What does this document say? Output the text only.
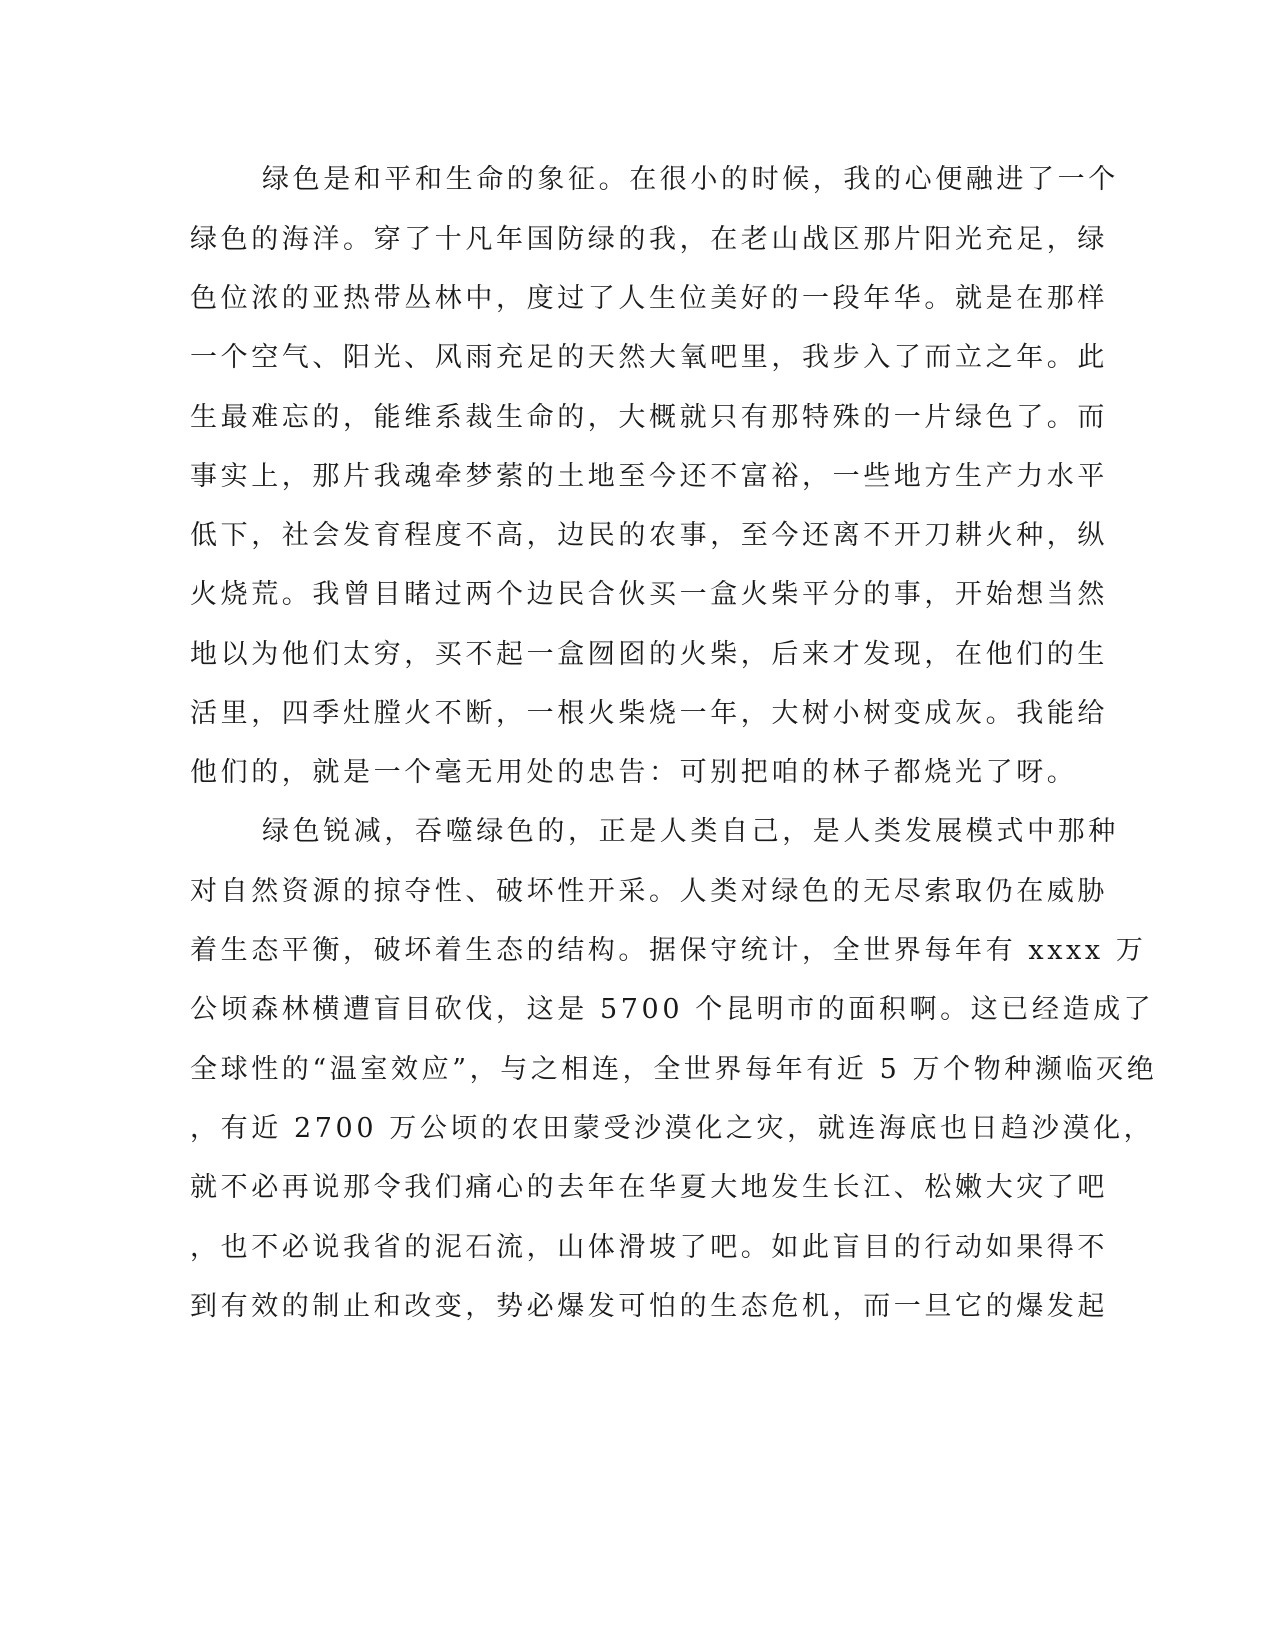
绿色是和平和生命的象征。在很小的时候，我的心便融进了一个
绿色的海洋。穿了十凡年国防绿的我，在老山战区那片阳光充足，绿
色位浓的亚热带丛林中，度过了人生位美好的一段年华。就是在那样
一个空气、阳光、风雨充足的天然大氧吧里，我步入了而立之年。此
生最难忘的，能维系裁生命的，大概就只有那特殊的一片绿色了。而
事实上，那片我魂牵梦萦的土地至今还不富裕，一些地方生产力水平
低下，社会发育程度不高，边民的农事，至今还离不开刀耕火种，纵
火烧荒。我曾目睹过两个边民合伙买一盒火柴平分的事，开始想当然
地以为他们太穷，买不起一盒囫囵的火柴，后来才发现，在他们的生
活里，四季灶膛火不断，一根火柴烧一年，大树小树变成灰。我能给
他们的，就是一个毫无用处的忠告：可别把咱的林子都烧光了呀。
绿色锐减，吞噬绿色的，正是人类自己，是人类发展模式中那种
对自然资源的掠夺性、破坏性开采。人类对绿色的无尽索取仍在威胁
着生态平衡，破坏着生态的结构。据保守统计，全世界每年有 xxxx 万
公顷森林横遭盲目砍伐，这是 5700 个昆明市的面积啊。这已经造成了
全球性的“温室效应”，与之相连，全世界每年有近 5 万个物种濒临灭绝
，有近 2700 万公顷的农田蒙受沙漠化之灾，就连海底也日趋沙漠化，
就不必再说那令我们痛心的去年在华夏大地发生长江、松嫩大灾了吧
，也不必说我省的泥石流，山体滑坡了吧。如此盲目的行动如果得不
到有效的制止和改变，势必爆发可怕的生态危机，而一旦它的爆发起
